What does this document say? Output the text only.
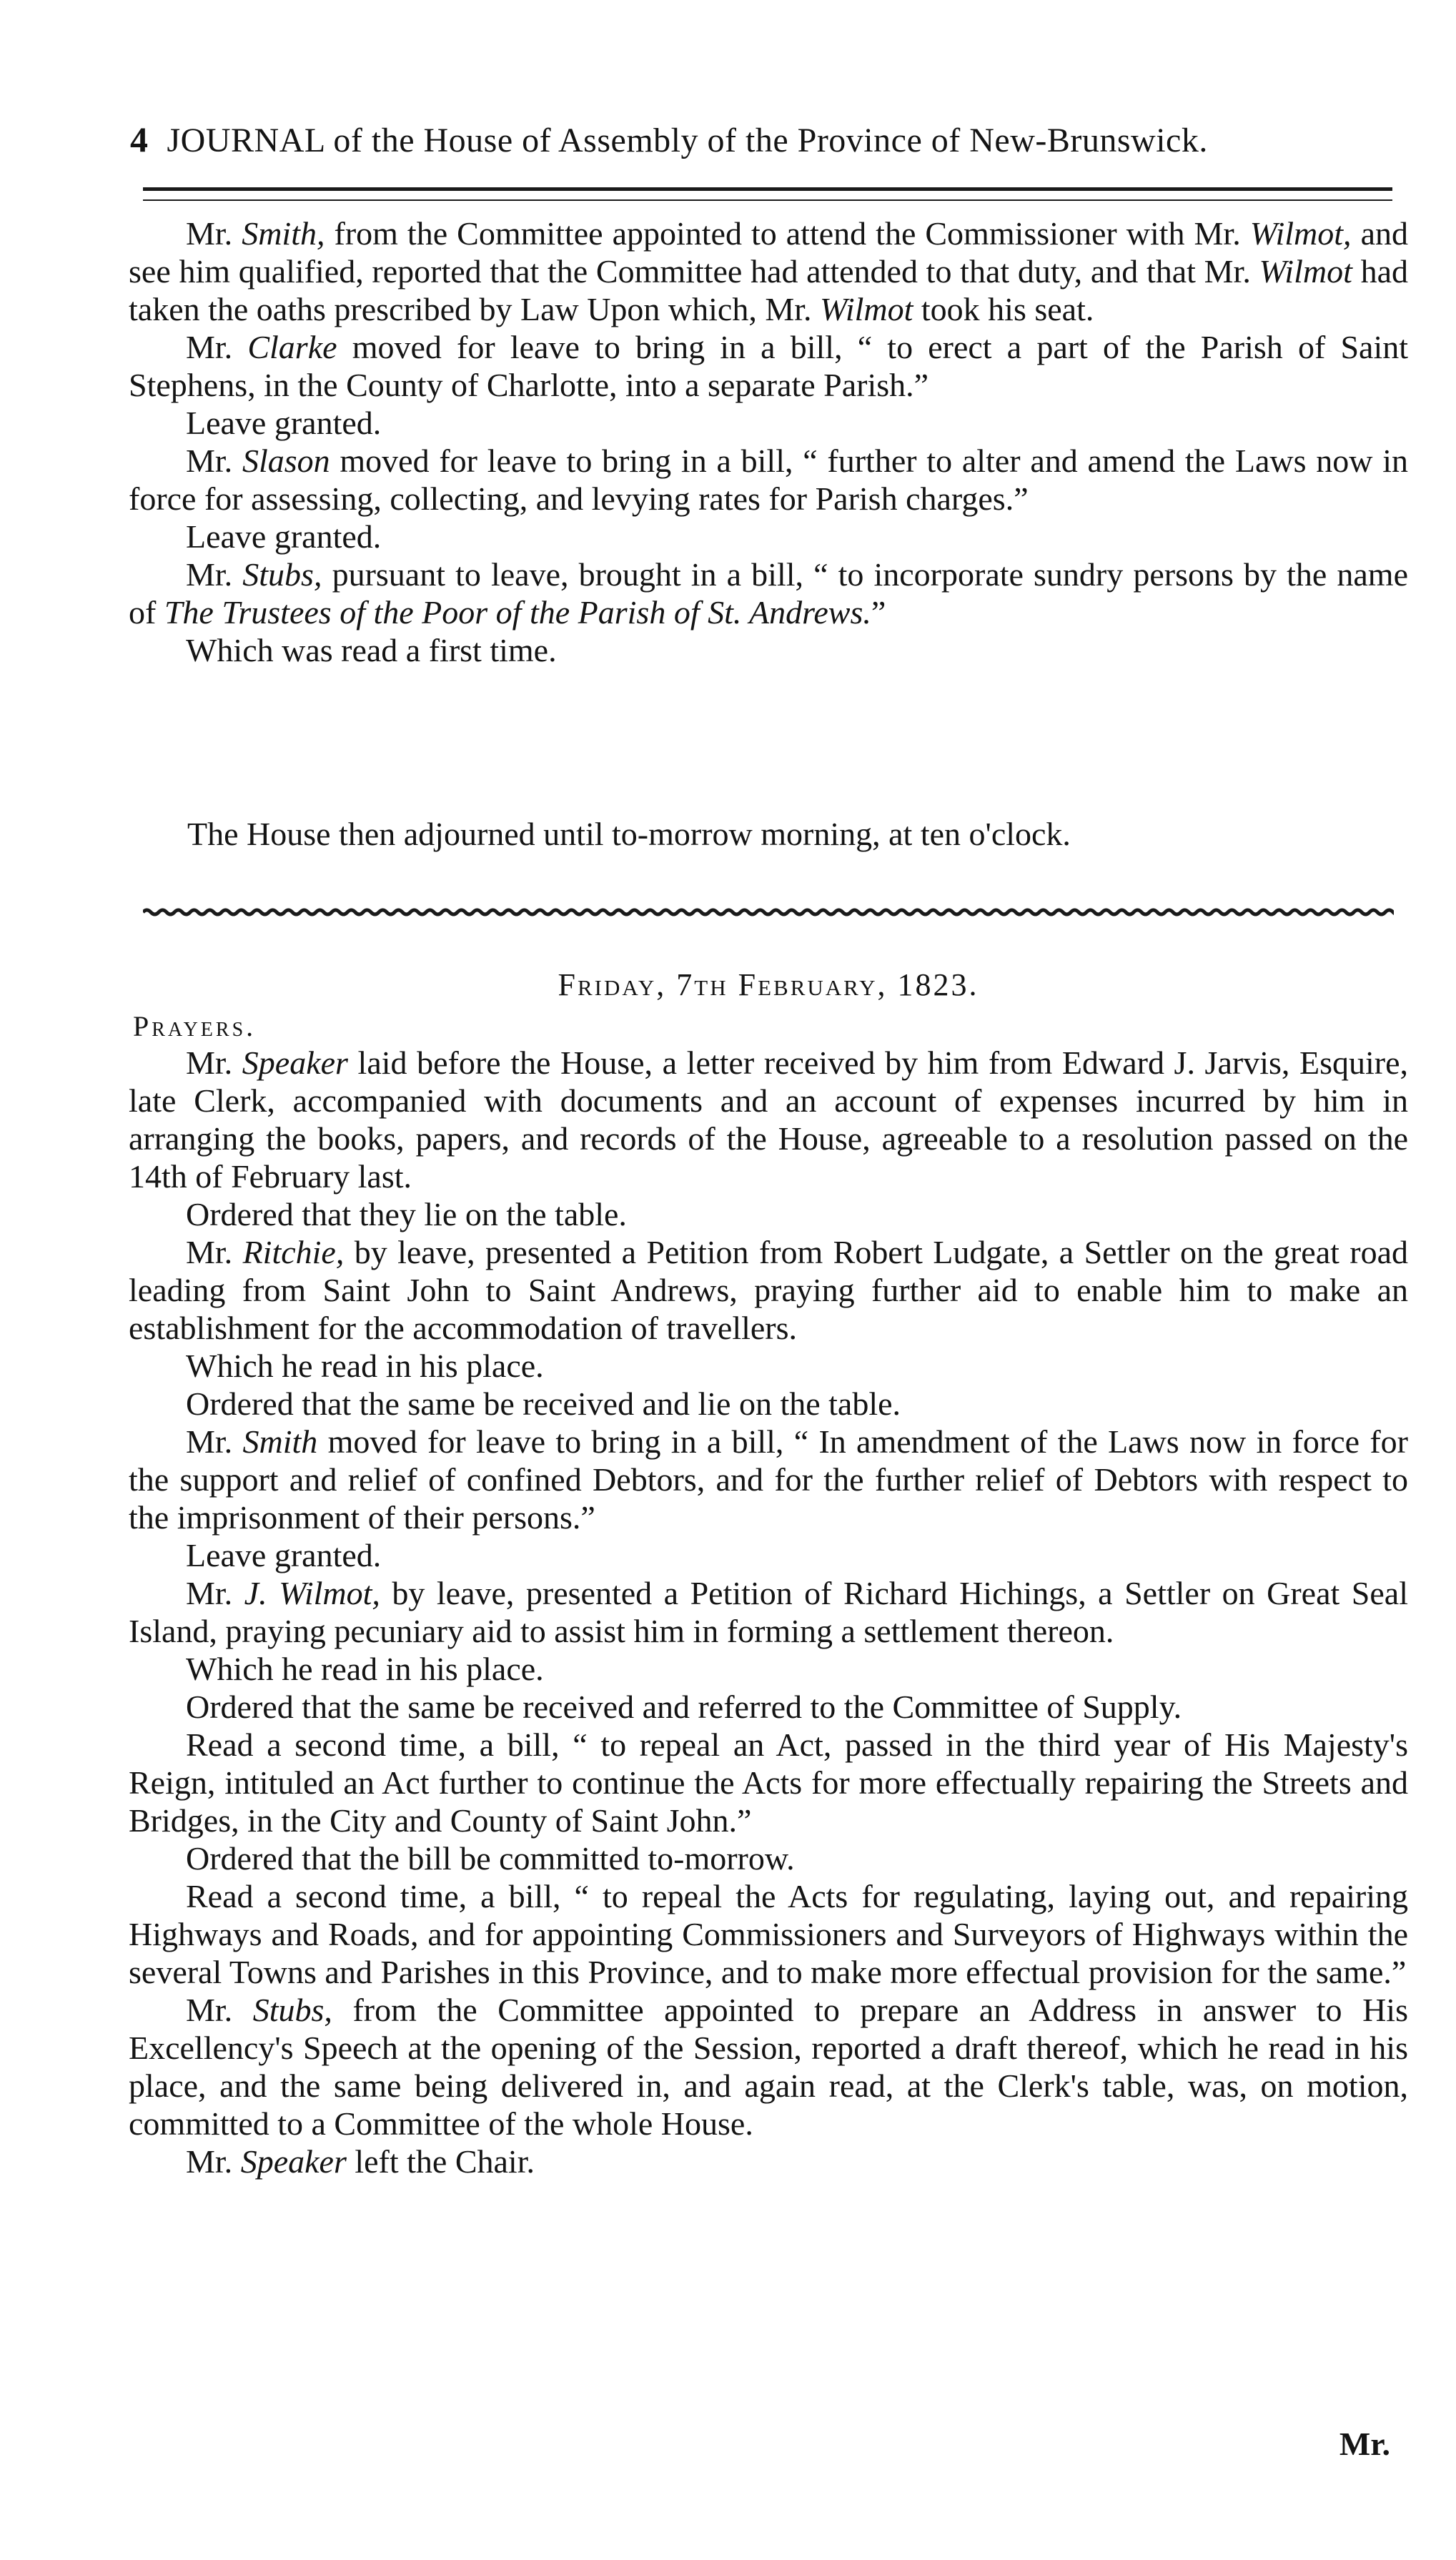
4 JOURNAL of the House of Assembly of the Province of New-Brunswick.

Mr. Smith, from the Committee appointed to attend the Commissioner with Mr. Wilmot, and see him qualified, reported that the Committee had attended to that duty, and that Mr. Wilmot had taken the oaths prescribed by Law Upon which, Mr. Wilmot took his seat.

Mr. Clarke moved for leave to bring in a bill, “ to erect a part of the Parish of Saint Stephens, in the County of Charlotte, into a separate Parish.”

Leave granted.

Mr. Slason moved for leave to bring in a bill, “ further to alter and amend the Laws now in force for assessing, collecting, and levying rates for Parish charges.”

Leave granted.

Mr. Stubs, pursuant to leave, brought in a bill, “ to incorporate sundry persons by the name of The Trustees of the Poor of the Parish of St. Andrews.”

Which was read a first time.

The House then adjourned until to-morrow morning, at ten o'clock.
Friday, 7th February, 1823.
Prayers.

Mr. Speaker laid before the House, a letter received by him from Edward J. Jarvis, Esquire, late Clerk, accompanied with documents and an account of expenses incurred by him in arranging the books, papers, and records of the House, agreeable to a resolution passed on the 14th of February last.

Ordered that they lie on the table.

Mr. Ritchie, by leave, presented a Petition from Robert Ludgate, a Settler on the great road leading from Saint John to Saint Andrews, praying further aid to enable him to make an establishment for the accommodation of travellers.

Which he read in his place.

Ordered that the same be received and lie on the table.

Mr. Smith moved for leave to bring in a bill, “ In amendment of the Laws now in force for the support and relief of confined Debtors, and for the further relief of Debtors with respect to the imprisonment of their persons.”

Leave granted.

Mr. J. Wilmot, by leave, presented a Petition of Richard Hichings, a Settler on Great Seal Island, praying pecuniary aid to assist him in forming a settlement thereon.

Which he read in his place.

Ordered that the same be received and referred to the Committee of Supply.

Read a second time, a bill, “ to repeal an Act, passed in the third year of His Majesty's Reign, intituled an Act further to continue the Acts for more effectually repairing the Streets and Bridges, in the City and County of Saint John.”

Ordered that the bill be committed to-morrow.

Read a second time, a bill, “ to repeal the Acts for regulating, laying out, and repairing Highways and Roads, and for appointing Commissioners and Surveyors of Highways within the several Towns and Parishes in this Province, and to make more effectual provision for the same.”

Mr. Stubs, from the Committee appointed to prepare an Address in answer to His Excellency's Speech at the opening of the Session, reported a draft thereof, which he read in his place, and the same being delivered in, and again read, at the Clerk's table, was, on motion, committed to a Committee of the whole House.

Mr. Speaker left the Chair.

Mr.
